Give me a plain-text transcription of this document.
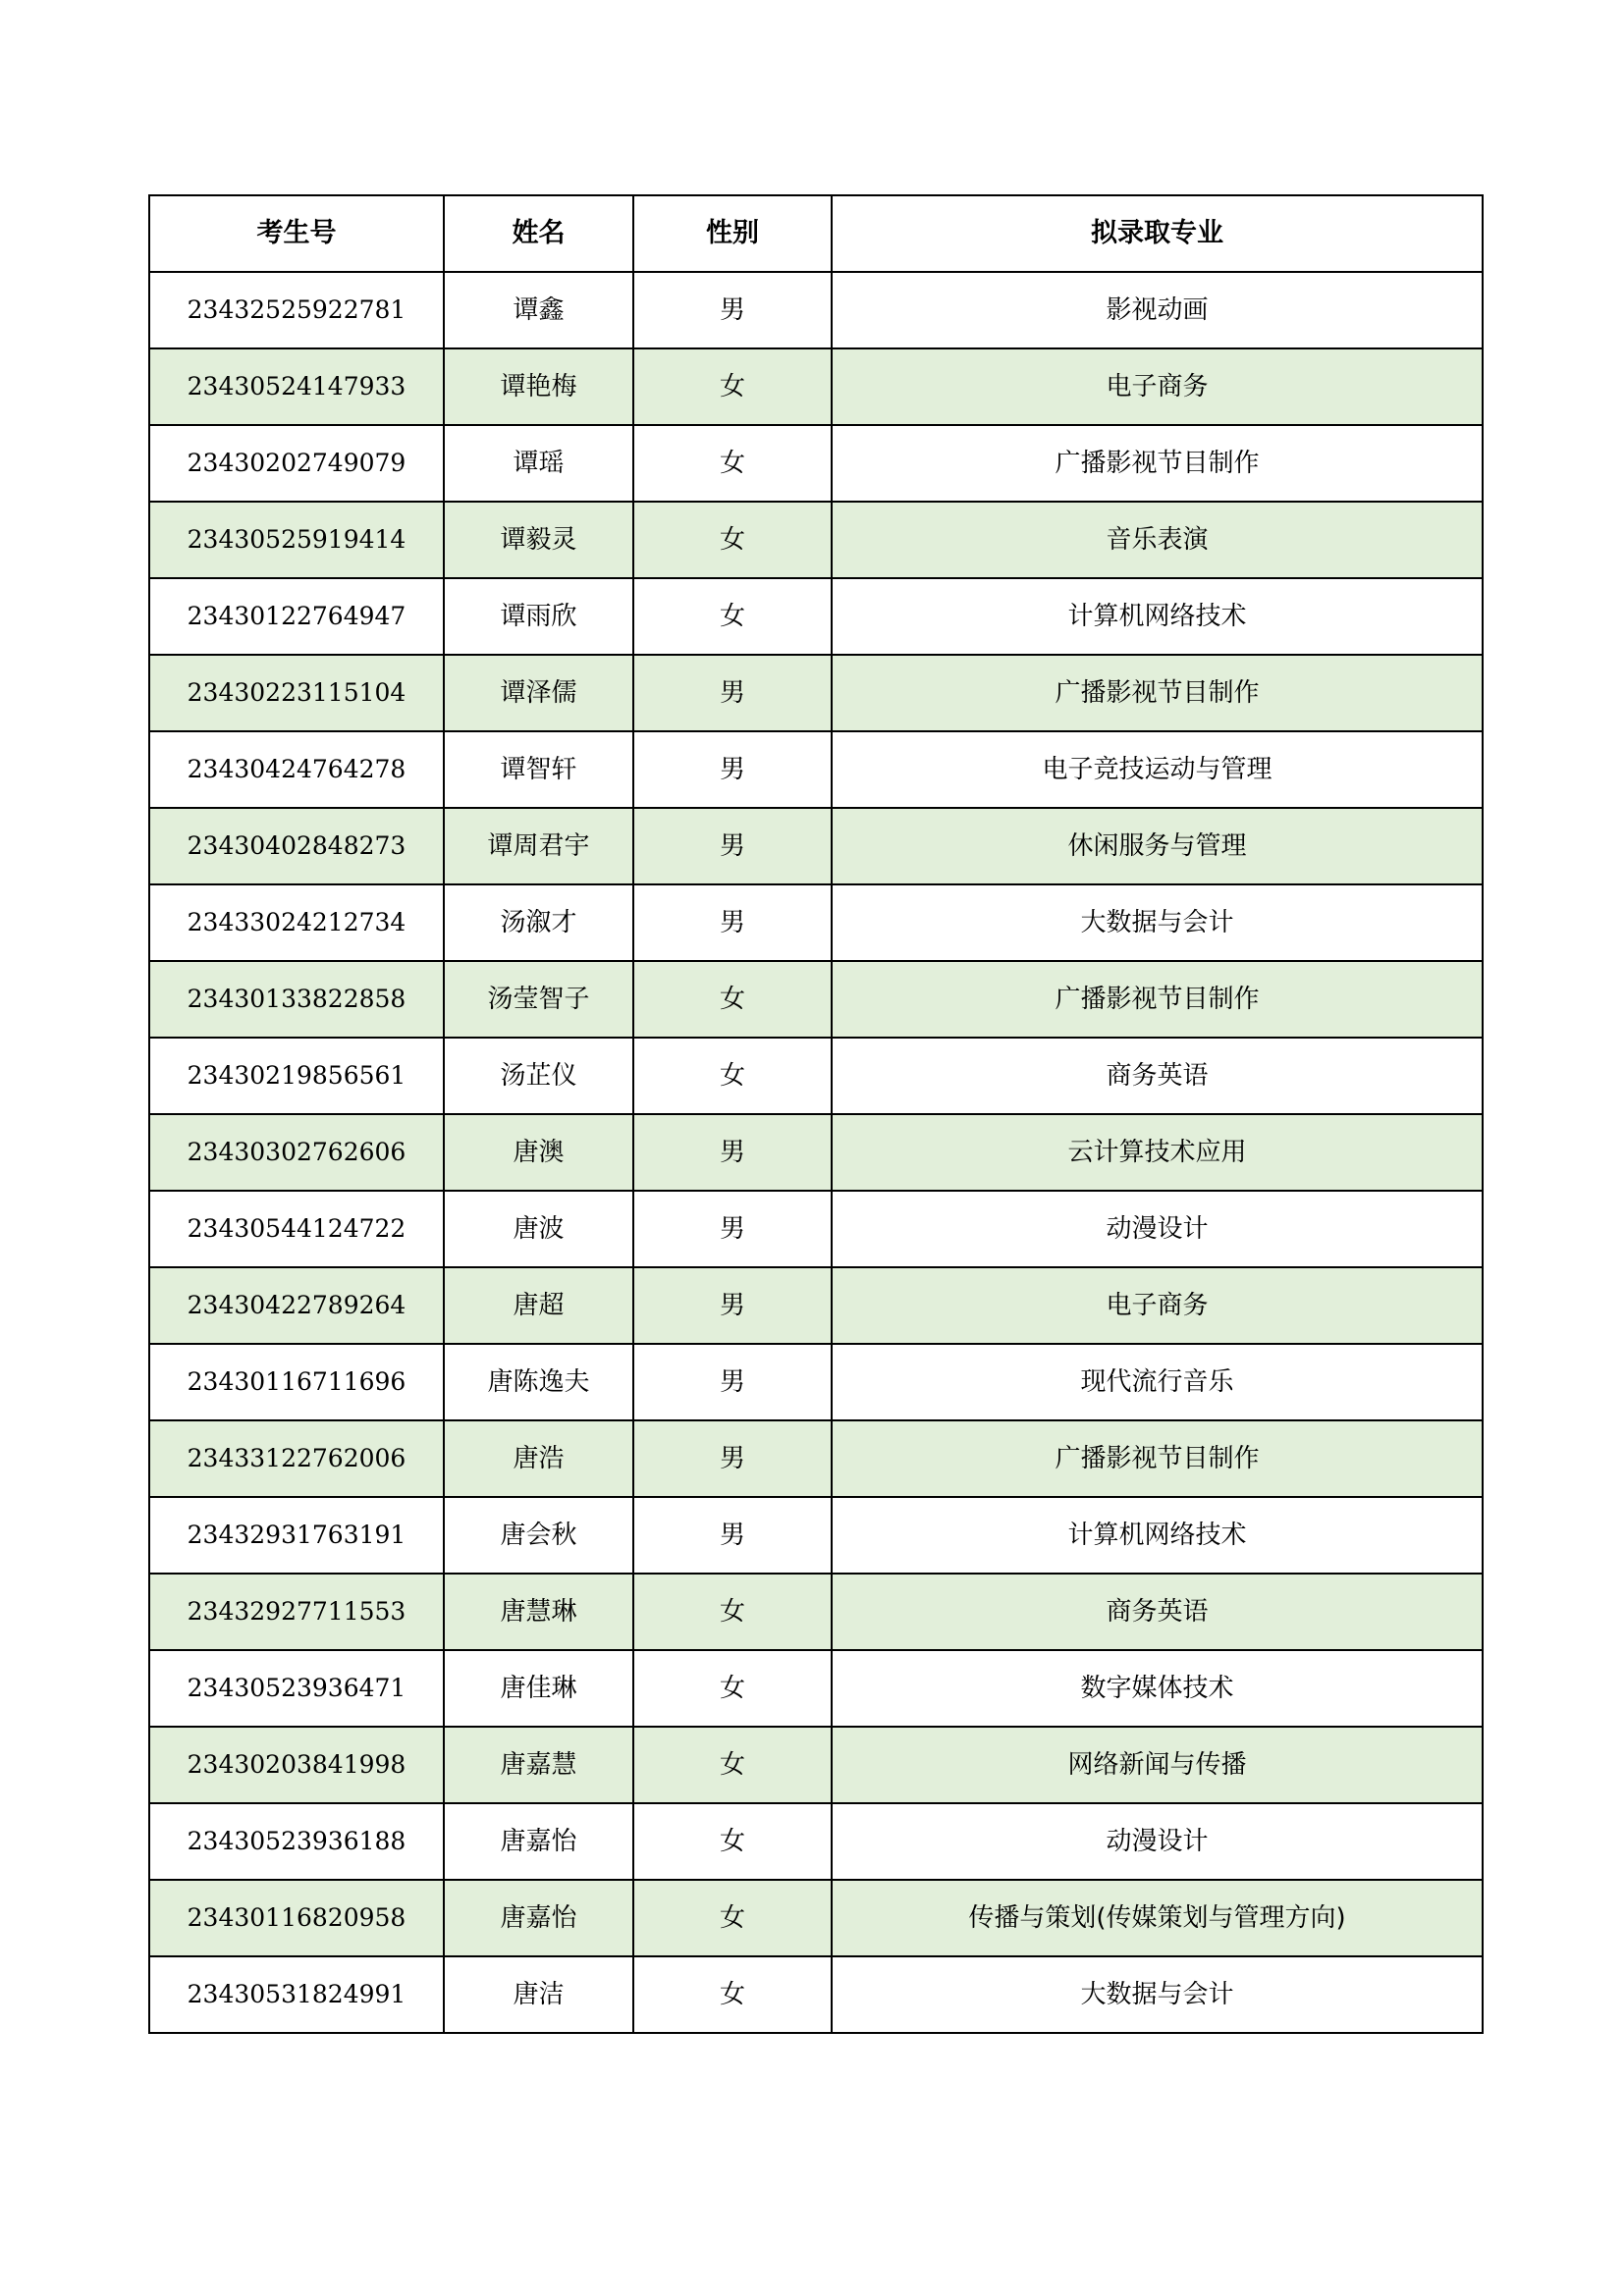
考生号	姓名	性别	拟录取专业
23432525922781	谭鑫	男	影视动画
23430524147933	谭艳梅	女	电子商务
23430202749079	谭瑶	女	广播影视节目制作
23430525919414	谭毅灵	女	音乐表演
23430122764947	谭雨欣	女	计算机网络技术
23430223115104	谭泽儒	男	广播影视节目制作
23430424764278	谭智轩	男	电子竞技运动与管理
23430402848273	谭周君宇	男	休闲服务与管理
23433024212734	汤溆才	男	大数据与会计
23430133822858	汤莹智子	女	广播影视节目制作
23430219856561	汤芷仪	女	商务英语
23430302762606	唐澳	男	云计算技术应用
23430544124722	唐波	男	动漫设计
23430422789264	唐超	男	电子商务
23430116711696	唐陈逸夫	男	现代流行音乐
23433122762006	唐浩	男	广播影视节目制作
23432931763191	唐会秋	男	计算机网络技术
23432927711553	唐慧琳	女	商务英语
23430523936471	唐佳琳	女	数字媒体技术
23430203841998	唐嘉慧	女	网络新闻与传播
23430523936188	唐嘉怡	女	动漫设计
23430116820958	唐嘉怡	女	传播与策划(传媒策划与管理方向)
23430531824991	唐洁	女	大数据与会计
